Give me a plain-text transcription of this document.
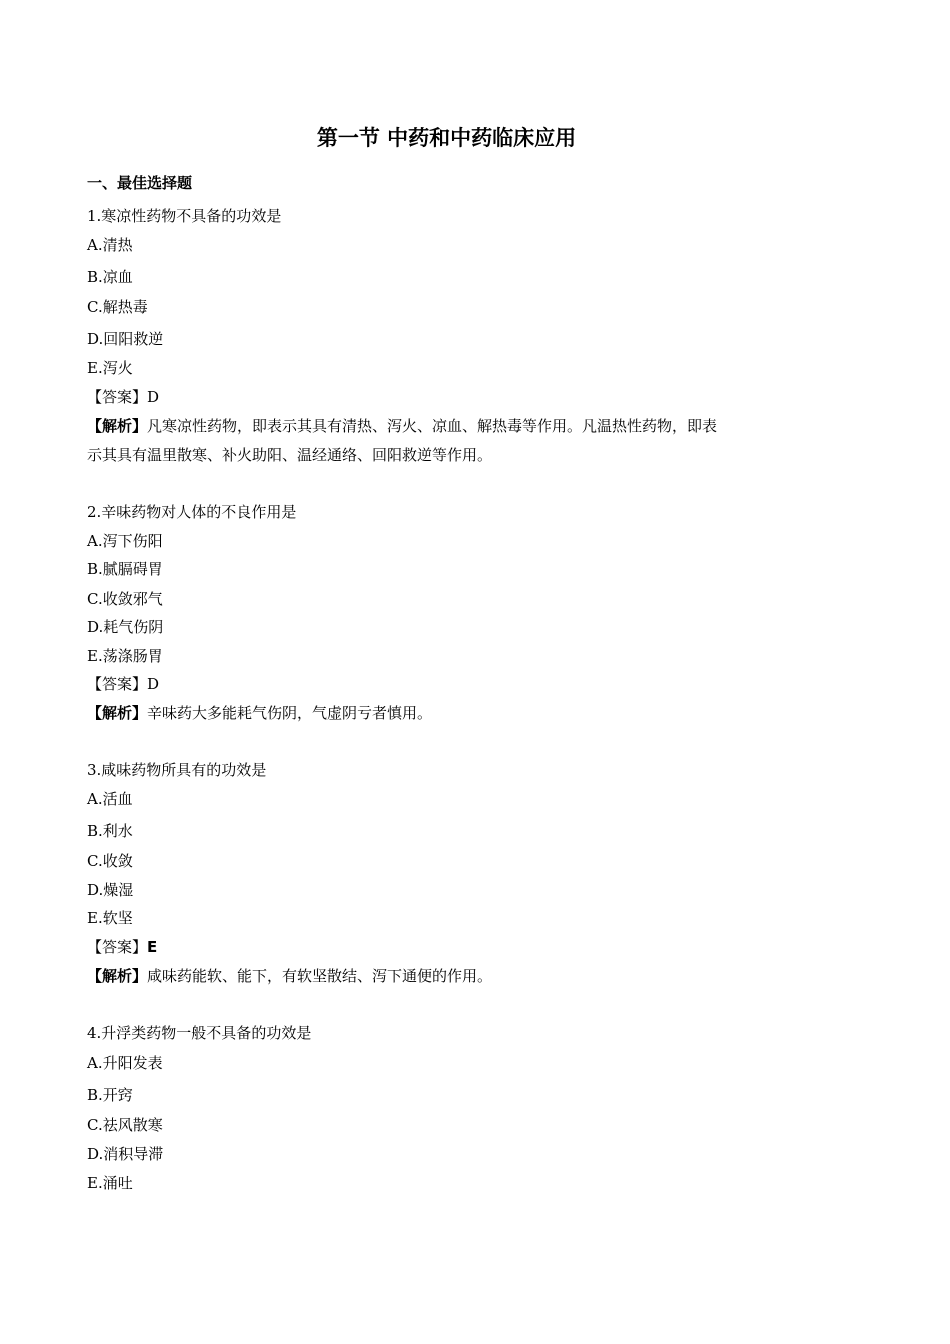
第一节 中药和中药临床应用
一、最佳选择题
1.寒凉性药物不具备的功效是
A.清热
B.凉血
C.解热毒
D.回阳救逆
E.泻火
【答案】D
【解析】凡寒凉性药物，即表示其具有清热、泻火、凉血、解热毒等作用。凡温热性药物，即表
示其具有温里散寒、补火助阳、温经通络、回阳救逆等作用。
2.辛味药物对人体的不良作用是
A.泻下伤阳
B.腻膈碍胃
C.收敛邪气
D.耗气伤阴
E.荡涤肠胃
【答案】D
【解析】辛味药大多能耗气伤阴，气虚阴亏者慎用。
3.咸味药物所具有的功效是
A.活血
B.利水
C.收敛
D.燥湿
E.软坚
【答案】E
【解析】咸味药能软、能下，有软坚散结、泻下通便的作用。
4.升浮类药物一般不具备的功效是
A.升阳发表
B.开窍
C.祛风散寒
D.消积导滞
E.涌吐
